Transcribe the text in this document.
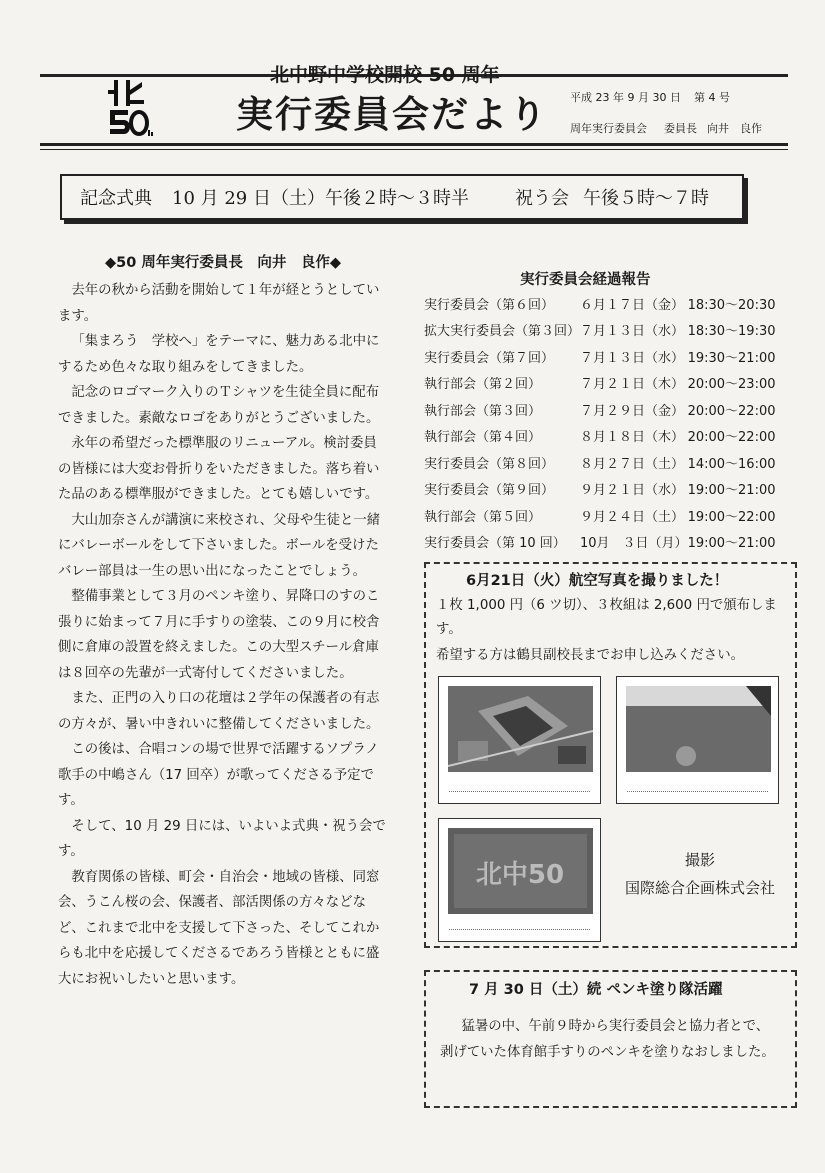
北中野中学校開校 50 周年
実行委員会だより 平成 23 年 9 月 30 日 第 4 号
周年実行委員会 委員長 向井　良作
記念式典 10 月 29 日（土）午後２時～３時半	祝う会 午後５時～７時
◆50 周年実行委員長　向井　良作◆

去年の秋から活動を開始して１年が経とうとしています。

「集まろう　学校へ」をテーマに、魅力ある北中にするため色々な取り組みをしてきました。

記念のロゴマーク入りのＴシャツを生徒全員に配布できました。素敵なロゴをありがとうございました。

永年の希望だった標準服のリニューアル。検討委員の皆様には大変お骨折りをいただきました。落ち着いた品のある標準服ができました。とても嬉しいです。

大山加奈さんが講演に来校され、父母や生徒と一緒にバレーボールをして下さいました。ボールを受けたバレー部員は一生の思い出になったことでしょう。

整備事業として３月のペンキ塗り、昇降口のすのこ張りに始まって７月に手すりの塗装、この９月に校舎側に倉庫の設置を終えました。この大型スチール倉庫は８回卒の先輩が一式寄付してくださいました。

また、正門の入り口の花壇は２学年の保護者の有志の方々が、暑い中きれいに整備してくださいました。

この後は、合唱コンの場で世界で活躍するソプラノ歌手の中嶋さん（17 回卒）が歌ってくださる予定です。

そして、10 月 29 日には、いよいよ式典・祝う会です。

教育関係の皆様、町会・自治会・地域の皆様、同窓会、うこん桜の会、保護者、部活関係の方々などなど、これまで北中を支援して下さった、そしてこれからも北中を応援してくださるであろう皆様とともに盛大にお祝いしたいと思います。

実行委員会経過報告
実行委員会（第６回）	６月１７日（金）	18:30～20:30
拡大実行委員会（第３回）	７月１３日（水）	18:30～19:30
実行委員会（第７回）	７月１３日（水）	19:30～21:00
執行部会（第２回）	７月２１日（木）	20:00～23:00
執行部会（第３回）	７月２９日（金）	20:00～22:00
執行部会（第４回）	８月１８日（木）	20:00～22:00
実行委員会（第８回）	８月２７日（土）	14:00～16:00
実行委員会（第９回）	９月２１日（水）	19:00～21:00
執行部会（第５回）	９月２４日（土）	19:00～22:00
実行委員会（第 10 回）	10月　３日（月）	19:00～21:00
6月21日（火）航空写真を撮りました！
１枚 1,000 円（6 ツ切）、３枚組は 2,600 円で頒布します。
希望する方は鶴貝副校長までお申し込みください。
北中50	撮影
国際総合企画株式会社
7 月 30 日（土）続 ペンキ塗り隊活躍
猛暑の中、午前９時から実行委員会と協力者とで、剥げていた体育館手すりのペンキを塗りなおしました。
